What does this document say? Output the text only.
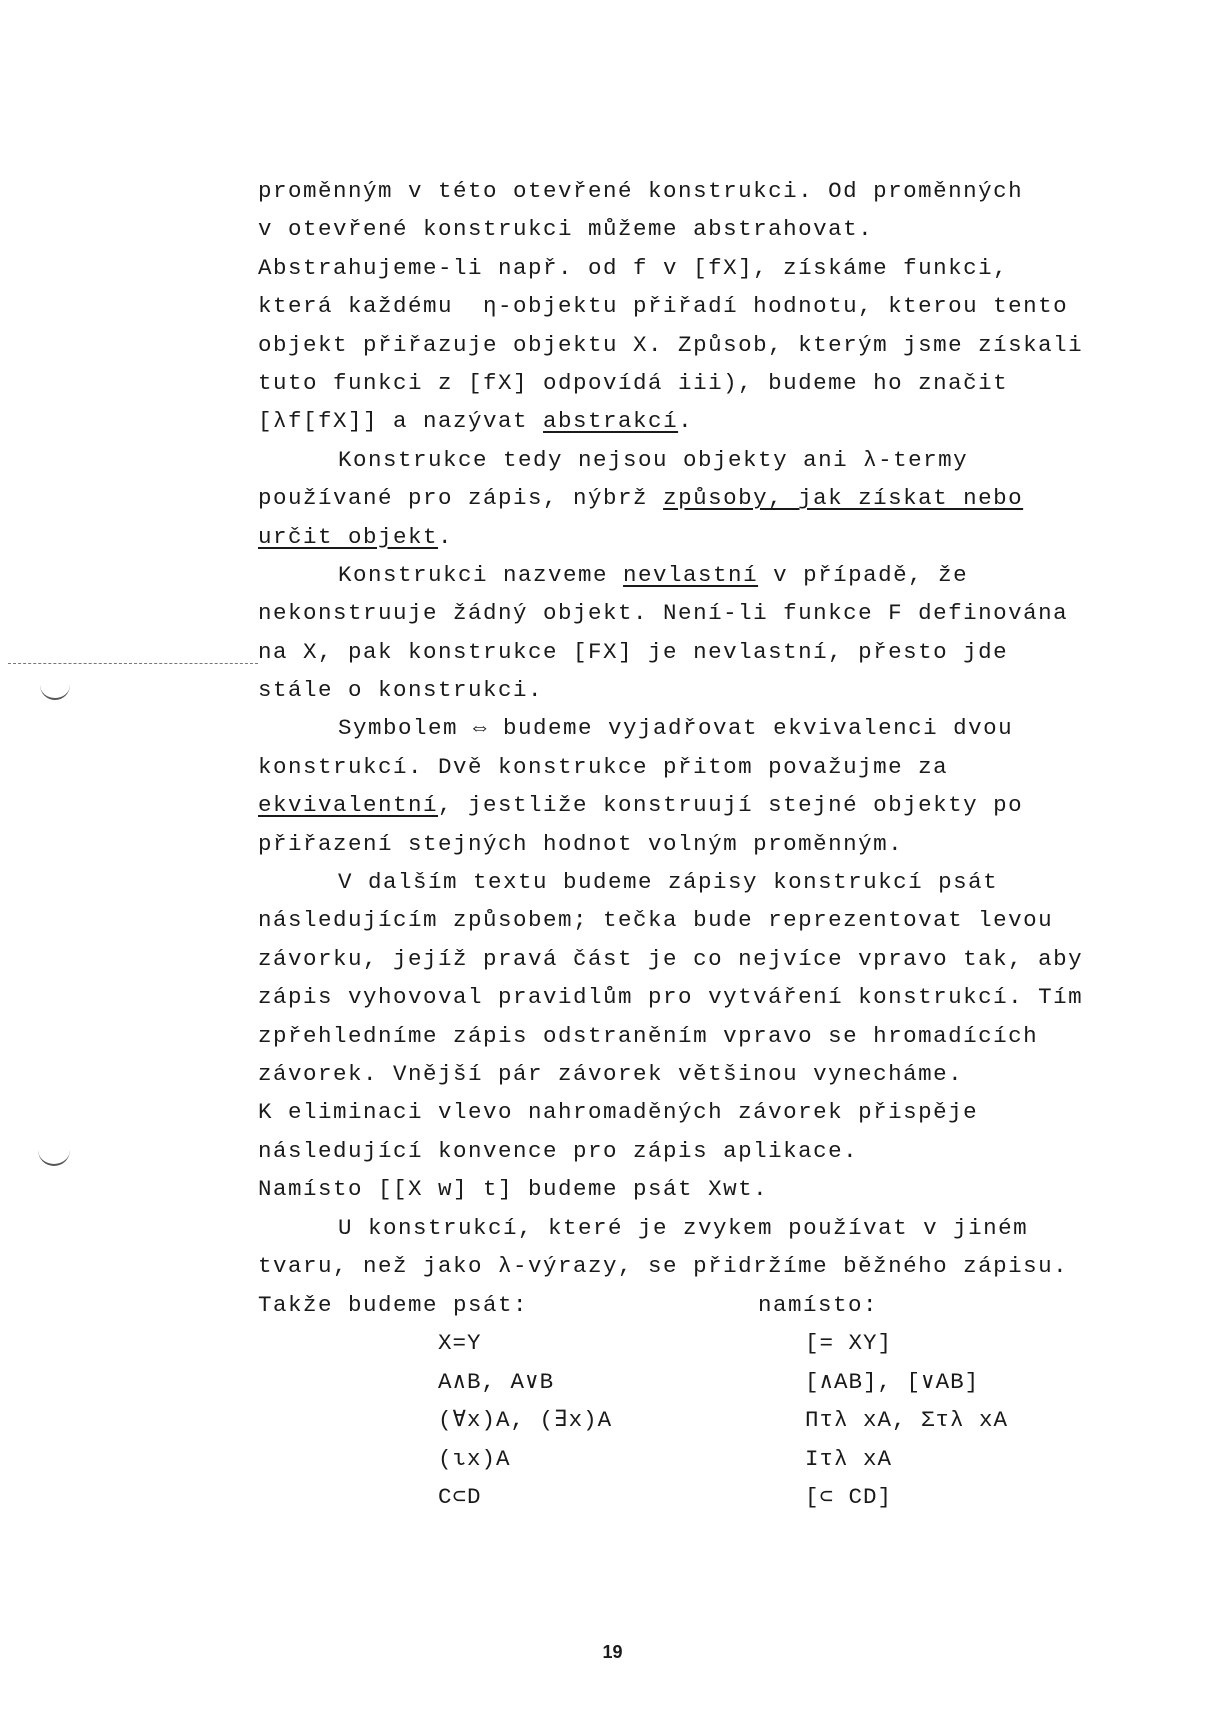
proměnným v této otevřené konstrukci. Od proměnných
v otevřené konstrukci můžeme abstrahovat.
Abstrahujeme-li např. od f v [fX], získáme funkci,
která každému  η-objektu přiřadí hodnotu, kterou tento
objekt přiřazuje objektu X. Způsob, kterým jsme získali
tuto funkci z [fX] odpovídá iii), budeme ho značit
[λf[fX]] a nazývat abstrakcí.
Konstrukce tedy nejsou objekty ani λ-termy
používané pro zápis, nýbrž způsoby, jak získat nebo
určit objekt.
Konstrukci nazveme nevlastní v případě, že
nekonstruuje žádný objekt. Není-li funkce F definována
na X, pak konstrukce [FX] je nevlastní, přesto jde
stále o konstrukci.
Symbolem ⇔ budeme vyjadřovat ekvivalenci dvou
konstrukcí. Dvě konstrukce přitom považujme za
ekvivalentní, jestliže konstruují stejné objekty po
přiřazení stejných hodnot volným proměnným.
V dalším textu budeme zápisy konstrukcí psát
následujícím způsobem; tečka bude reprezentovat levou
závorku, jejíž pravá část je co nejvíce vpravo tak, aby
zápis vyhovoval pravidlům pro vytváření konstrukcí. Tím
zpřehledníme zápis odstraněním vpravo se hromadících
závorek. Vnější pár závorek většinou vynecháme.
K eliminaci vlevo nahromaděných závorek přispěje
následující konvence pro zápis aplikace.
Namísto [[X w] t] budeme psát Xwt.
U konstrukcí, které je zvykem používat v jiném
tvaru, než jako λ-výrazy, se přidržíme běžného zápisu.
Takže budeme psát:	namísto:
X=Y	[= XY]
A∧B, A∨B	[∧AB], [∨AB]
(∀x)A, (∃x)A	Πτλ xA, Στλ xA
(ιx)A	Iτλ xA
C⊂D	[⊂ CD]
19
